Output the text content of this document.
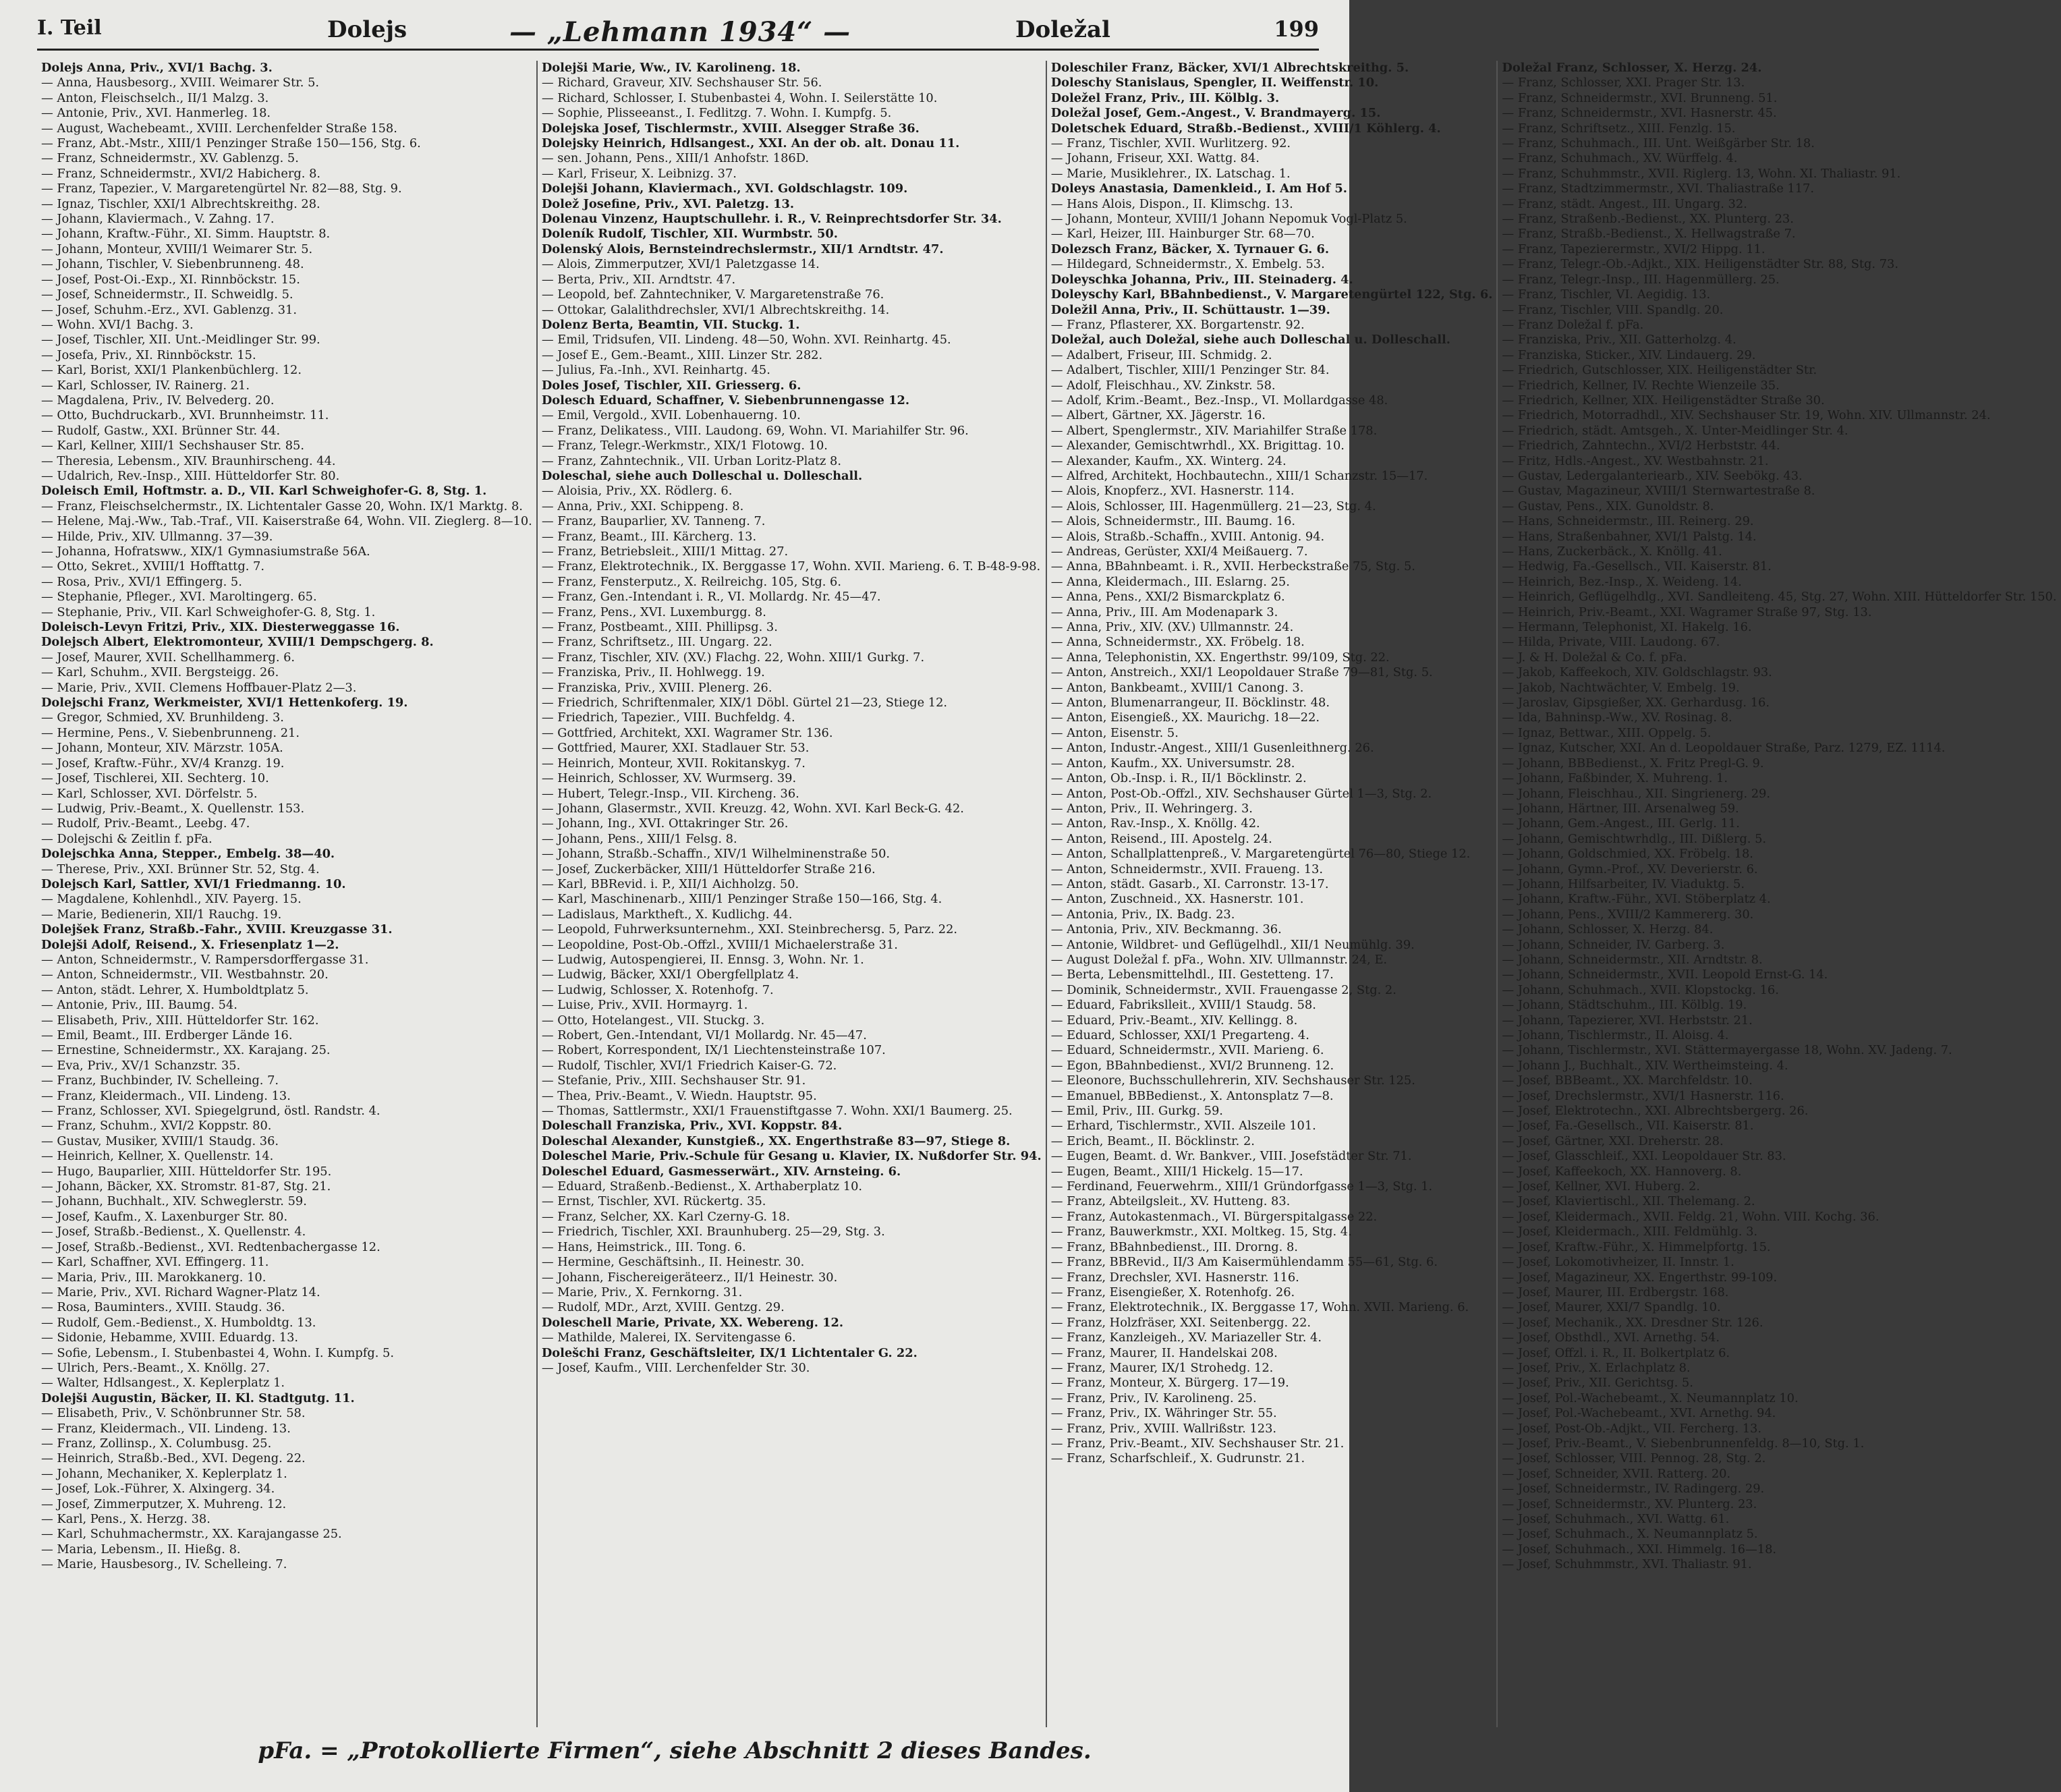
I. Teil	Dolejs	— „Lehmann 1934“ —	Doležal	199
Dolejs Anna, Priv., XVI/1 Bachg. 3.
— Anna, Hausbesorg., XVIII. Weimarer Str. 5.
— Anton, Fleischselch., II/1 Malzg. 3.
— Antonie, Priv., XVI. Hanmerleg. 18.
— August, Wachebeamt., XVIII. Lerchenfelder Straße 158.
— Franz, Abt.-Mstr., XIII/1 Penzinger Straße 150—156, Stg. 6.
— Franz, Schneidermstr., XV. Gablenzg. 5.
— Franz, Schneidermstr., XVI/2 Habicherg. 8.
— Franz, Tapezier., V. Margaretengürtel Nr. 82—88, Stg. 9.
— Ignaz, Tischler, XXI/1 Albrechtskreithg. 28.
— Johann, Klaviermach., V. Zahng. 17.
— Johann, Kraftw.-Führ., XI. Simm. Hauptstr. 8.
— Johann, Monteur, XVIII/1 Weimarer Str. 5.
— Johann, Tischler, V. Siebenbrunneng. 48.
— Josef, Post-Oi.-Exp., XI. Rinnböckstr. 15.
— Josef, Schneidermstr., II. Schweidlg. 5.
— Josef, Schuhm.-Erz., XVI. Gablenzg. 31.
— Wohn. XVI/1 Bachg. 3.
— Josef, Tischler, XII. Unt.-Meidlinger Str. 99.
— Josefa, Priv., XI. Rinnböckstr. 15.
— Karl, Borist, XXI/1 Plankenbüchlerg. 12.
— Karl, Schlosser, IV. Rainerg. 21.
— Magdalena, Priv., IV. Belvederg. 20.
— Otto, Buchdruckarb., XVI. Brunnheimstr. 11.
— Rudolf, Gastw., XXI. Brünner Str. 44.
— Karl, Kellner, XIII/1 Sechshauser Str. 85.
— Theresia, Lebensm., XIV. Braunhirscheng. 44.
— Udalrich, Rev.-Insp., XIII. Hütteldorfer Str. 80.
Doleisch Emil, Hoftmstr. a. D., VII. Karl Schweighofer-G. 8, Stg. 1.
— Franz, Fleischselchermstr., IX. Lichtentaler Gasse 20, Wohn. IX/1 Marktg. 8.
— Helene, Maj.-Ww., Tab.-Traf., VII. Kaiserstraße 64, Wohn. VII. Zieglerg. 8—10.
— Hilde, Priv., XIV. Ullmanng. 37—39.
— Johanna, Hofratsww., XIX/1 Gymnasiumstraße 56A.
— Otto, Sekret., XVIII/1 Hofftattg. 7.
— Rosa, Priv., XVI/1 Effingerg. 5.
— Stephanie, Pfleger., XVI. Maroltingerg. 65.
— Stephanie, Priv., VII. Karl Schweighofer-G. 8, Stg. 1.
Doleisch-Levyn Fritzi, Priv., XIX. Diesterweggasse 16.
Dolejsch Albert, Elektromonteur, XVIII/1 Dempschgerg. 8.
— Josef, Maurer, XVII. Schellhammerg. 6.
— Karl, Schuhm., XVII. Bergsteigg. 26.
— Marie, Priv., XVII. Clemens Hoffbauer-Platz 2—3.
Dolejschi Franz, Werkmeister, XVI/1 Hettenkoferg. 19.
— Gregor, Schmied, XV. Brunhildeng. 3.
— Hermine, Pens., V. Siebenbrunneng. 21.
— Johann, Monteur, XIV. Märzstr. 105A.
— Josef, Kraftw.-Führ., XV/4 Kranzg. 19.
— Josef, Tischlerei, XII. Sechterg. 10.
— Karl, Schlosser, XVI. Dörfelstr. 5.
— Ludwig, Priv.-Beamt., X. Quellenstr. 153.
— Rudolf, Priv.-Beamt., Leebg. 47.
— Dolejschi & Zeitlin f. pFa.
Dolejschka Anna, Stepper., Embelg. 38—40.
— Therese, Priv., XXI. Brünner Str. 52, Stg. 4.
Dolejsch Karl, Sattler, XVI/1 Friedmanng. 10.
— Magdalene, Kohlenhdl., XIV. Payerg. 15.
— Marie, Bedienerin, XII/1 Rauchg. 19.
Dolejšek Franz, Straßb.-Fahr., XVIII. Kreuzgasse 31.
Dolejši Adolf, Reisend., X. Friesenplatz 1—2.
— Anton, Schneidermstr., V. Rampersdorffergasse 31.
— Anton, Schneidermstr., VII. Westbahnstr. 20.
— Anton, städt. Lehrer, X. Humboldtplatz 5.
— Antonie, Priv., III. Baumg. 54.
— Elisabeth, Priv., XIII. Hütteldorfer Str. 162.
— Emil, Beamt., III. Erdberger Lände 16.
— Ernestine, Schneidermstr., XX. Karajang. 25.
— Eva, Priv., XV/1 Schanzstr. 35.
— Franz, Buchbinder, IV. Schelleing. 7.
— Franz, Kleidermach., VII. Lindeng. 13.
— Franz, Schlosser, XVI. Spiegelgrund, östl. Randstr. 4.
— Franz, Schuhm., XVI/2 Koppstr. 80.
— Gustav, Musiker, XVIII/1 Staudg. 36.
— Heinrich, Kellner, X. Quellenstr. 14.
— Hugo, Bauparlier, XIII. Hütteldorfer Str. 195.
— Johann, Bäcker, XX. Stromstr. 81-87, Stg. 21.
— Johann, Buchhalt., XIV. Schweglerstr. 59.
— Josef, Kaufm., X. Laxenburger Str. 80.
— Josef, Straßb.-Bedienst., X. Quellenstr. 4.
— Josef, Straßb.-Bedienst., XVI. Redtenbachergasse 12.
— Karl, Schaffner, XVI. Effingerg. 11.
— Maria, Priv., III. Marokkanerg. 10.
— Marie, Priv., XVI. Richard Wagner-Platz 14.
— Rosa, Bauminters., XVIII. Staudg. 36.
— Rudolf, Gem.-Bedienst., X. Humboldtg. 13.
— Sidonie, Hebamme, XVIII. Eduardg. 13.
— Sofie, Lebensm., I. Stubenbastei 4, Wohn. I. Kumpfg. 5.
— Ulrich, Pers.-Beamt., X. Knöllg. 27.
— Walter, Hdlsangest., X. Keplerplatz 1.
Dolejši Augustin, Bäcker, II. Kl. Stadtgutg. 11.
— Elisabeth, Priv., V. Schönbrunner Str. 58.
— Franz, Kleidermach., VII. Lindeng. 13.
— Franz, Zollinsp., X. Columbusg. 25.
— Heinrich, Straßb.-Bed., XVI. Degeng. 22.
— Johann, Mechaniker, X. Keplerplatz 1.
— Josef, Lok.-Führer, X. Alxingerg. 34.
— Josef, Zimmerputzer, X. Muhreng. 12.
— Karl, Pens., X. Herzg. 38.
— Karl, Schuhmachermstr., XX. Karajangasse 25.
— Maria, Lebensm., II. Hießg. 8.
— Marie, Hausbesorg., IV. Schelleing. 7.
Dolejši Marie, Ww., IV. Karolineng. 18.
— Richard, Graveur, XIV. Sechshauser Str. 56.
— Richard, Schlosser, I. Stubenbastei 4, Wohn. I. Seilerstätte 10.
— Sophie, Plisseeanst., I. Fedlitzg. 7. Wohn. I. Kumpfg. 5.
Dolejska Josef, Tischlermstr., XVIII. Alsegger Straße 36.
Dolejsky Heinrich, Hdlsangest., XXI. An der ob. alt. Donau 11.
— sen. Johann, Pens., XIII/1 Anhofstr. 186D.
— Karl, Friseur, X. Leibnizg. 37.
Dolejši Johann, Klaviermach., XVI. Goldschlagstr. 109.
Dolež Josefine, Priv., XVI. Paletzg. 13.
Dolenau Vinzenz, Hauptschullehr. i. R., V. Reinprechtsdorfer Str. 34.
Doleník Rudolf, Tischler, XII. Wurmbstr. 50.
Dolenský Alois, Bernsteindrechslermstr., XII/1 Arndtstr. 47.
— Alois, Zimmerputzer, XVI/1 Paletzgasse 14.
— Berta, Priv., XII. Arndtstr. 47.
— Leopold, bef. Zahntechniker, V. Margaretenstraße 76.
— Ottokar, Galalithdrechsler, XVI/1 Albrechtskreithg. 14.
Dolenz Berta, Beamtin, VII. Stuckg. 1.
— Emil, Tridsufen, VII. Lindeng. 48—50, Wohn. XVI. Reinhartg. 45.
— Josef E., Gem.-Beamt., XIII. Linzer Str. 282.
— Julius, Fa.-Inh., XVI. Reinhartg. 45.
Doles Josef, Tischler, XII. Griesserg. 6.
Dolesch Eduard, Schaffner, V. Siebenbrunnengasse 12.
— Emil, Vergold., XVII. Lobenhauerng. 10.
— Franz, Delikatess., VIII. Laudong. 69, Wohn. VI. Mariahilfer Str. 96.
— Franz, Telegr.-Werkmstr., XIX/1 Flotowg. 10.
— Franz, Zahntechnik., VII. Urban Loritz-Platz 8.
Doleschal, siehe auch Dolleschal u. Dolleschall.
— Aloisia, Priv., XX. Rödlerg. 6.
— Anna, Priv., XXI. Schippeng. 8.
— Franz, Bauparlier, XV. Tanneng. 7.
— Franz, Beamt., III. Kärcherg. 13.
— Franz, Betriebsleit., XIII/1 Mittag. 27.
— Franz, Elektrotechnik., IX. Berggasse 17, Wohn. XVII. Marieng. 6. T. B-48-9-98.
— Franz, Fensterputz., X. Reilreichg. 105, Stg. 6.
— Franz, Gen.-Intendant i. R., VI. Mollardg. Nr. 45—47.
— Franz, Pens., XVI. Luxemburgg. 8.
— Franz, Postbeamt., XIII. Phillipsg. 3.
— Franz, Schriftsetz., III. Ungarg. 22.
— Franz, Tischler, XIV. (XV.) Flachg. 22, Wohn. XIII/1 Gurkg. 7.
— Franziska, Priv., II. Hohlwegg. 19.
— Franziska, Priv., XVIII. Plenerg. 26.
— Friedrich, Schriftenmaler, XIX/1 Döbl. Gürtel 21—23, Stiege 12.
— Friedrich, Tapezier., VIII. Buchfeldg. 4.
— Gottfried, Architekt, XXI. Wagramer Str. 136.
— Gottfried, Maurer, XXI. Stadlauer Str. 53.
— Heinrich, Monteur, XVII. Rokitanskyg. 7.
— Heinrich, Schlosser, XV. Wurmserg. 39.
— Hubert, Telegr.-Insp., VII. Kircheng. 36.
— Johann, Glasermstr., XVII. Kreuzg. 42, Wohn. XVI. Karl Beck-G. 42.
— Johann, Ing., XVI. Ottakringer Str. 26.
— Johann, Pens., XIII/1 Felsg. 8.
— Johann, Straßb.-Schaffn., XIV/1 Wilhelminenstraße 50.
— Josef, Zuckerbäcker, XIII/1 Hütteldorfer Straße 216.
— Karl, BBRevid. i. P., XII/1 Aichholzg. 50.
— Karl, Maschinenarb., XIII/1 Penzinger Straße 150—166, Stg. 4.
— Ladislaus, Marktheft., X. Kudlichg. 44.
— Leopold, Fuhrwerksunternehm., XXI. Steinbrechersg. 5, Parz. 22.
— Leopoldine, Post-Ob.-Offzl., XVIII/1 Michaelerstraße 31.
— Ludwig, Autospengierei, II. Ennsg. 3, Wohn. Nr. 1.
— Ludwig, Bäcker, XXI/1 Obergfellplatz 4.
— Ludwig, Schlosser, X. Rotenhofg. 7.
— Luise, Priv., XVII. Hormayrg. 1.
— Otto, Hotelangest., VII. Stuckg. 3.
— Robert, Gen.-Intendant, VI/1 Mollardg. Nr. 45—47.
— Robert, Korrespondent, IX/1 Liechtensteinstraße 107.
— Rudolf, Tischler, XVI/1 Friedrich Kaiser-G. 72.
— Stefanie, Priv., XIII. Sechshauser Str. 91.
— Thea, Priv.-Beamt., V. Wiedn. Hauptstr. 95.
— Thomas, Sattlermstr., XXI/1 Frauenstiftgasse 7. Wohn. XXI/1 Baumerg. 25.
Doleschall Franziska, Priv., XVI. Koppstr. 84.
Doleschal Alexander, Kunstgieß., XX. Engerthstraße 83—97, Stiege 8.
Doleschel Marie, Priv.-Schule für Gesang u. Klavier, IX. Nußdorfer Str. 94.
Doleschel Eduard, Gasmesserwärt., XIV. Arnsteing. 6.
— Eduard, Straßenb.-Bedienst., X. Arthaberplatz 10.
— Ernst, Tischler, XVI. Rückertg. 35.
— Franz, Selcher, XX. Karl Czerny-G. 18.
— Friedrich, Tischler, XXI. Braunhuberg. 25—29, Stg. 3.
— Hans, Heimstrick., III. Tong. 6.
— Hermine, Geschäftsinh., II. Heinestr. 30.
— Johann, Fischereigeräteerz., II/1 Heinestr. 30.
— Marie, Priv., X. Fernkorng. 31.
— Rudolf, MDr., Arzt, XVIII. Gentzg. 29.
Doleschell Marie, Private, XX. Webereng. 12.
— Mathilde, Malerei, IX. Servitengasse 6.
Dolešchi Franz, Geschäftsleiter, IX/1 Lichtentaler G. 22.
— Josef, Kaufm., VIII. Lerchenfelder Str. 30.
Doleschiler Franz, Bäcker, XVI/1 Albrechtskreithg. 5.
Doleschy Stanislaus, Spengler, II. Weiffenstr. 10.
Doležel Franz, Priv., III. Kölblg. 3.
Doležal Josef, Gem.-Angest., V. Brandmayerg. 15.
Doletschek Eduard, Straßb.-Bedienst., XVIII/1 Köhlerg. 4.
— Franz, Tischler, XVII. Wurlitzerg. 92.
— Johann, Friseur, XXI. Wattg. 84.
— Marie, Musiklehrer., IX. Latschag. 1.
Doleys Anastasia, Damenkleid., I. Am Hof 5.
— Hans Alois, Dispon., II. Klimschg. 13.
— Johann, Monteur, XVIII/1 Johann Nepomuk Vogl-Platz 5.
— Karl, Heizer, III. Hainburger Str. 68—70.
Dolezsch Franz, Bäcker, X. Tyrnauer G. 6.
— Hildegard, Schneidermstr., X. Embelg. 53.
Doleyschka Johanna, Priv., III. Steinaderg. 4.
Doleyschy Karl, BBahnbedienst., V. Margaretengürtel 122, Stg. 6.
Doležil Anna, Priv., II. Schüttaustr. 1—39.
— Franz, Pflasterer, XX. Borgartenstr. 92.
Doležal, auch Doležal, siehe auch Dolleschal u. Dolleschall.
— Adalbert, Friseur, III. Schmidg. 2.
— Adalbert, Tischler, XIII/1 Penzinger Str. 84.
— Adolf, Fleischhau., XV. Zinkstr. 58.
— Adolf, Krim.-Beamt., Bez.-Insp., VI. Mollardgasse 48.
— Albert, Gärtner, XX. Jägerstr. 16.
— Albert, Spenglermstr., XIV. Mariahilfer Straße 178.
— Alexander, Gemischtwrhdl., XX. Brigittag. 10.
— Alexander, Kaufm., XX. Winterg. 24.
— Alfred, Architekt, Hochbautechn., XIII/1 Schanzstr. 15—17.
— Alois, Knopferz., XVI. Hasnerstr. 114.
— Alois, Schlosser, III. Hagenmüllerg. 21—23, Stg. 4.
— Alois, Schneidermstr., III. Baumg. 16.
— Alois, Straßb.-Schaffn., XVIII. Antonig. 94.
— Andreas, Gerüster, XXI/4 Meißauerg. 7.
— Anna, BBahnbeamt. i. R., XVII. Herbeckstraße 75, Stg. 5.
— Anna, Kleidermach., III. Eslarng. 25.
— Anna, Pens., XXI/2 Bismarckplatz 6.
— Anna, Priv., III. Am Modenapark 3.
— Anna, Priv., XIV. (XV.) Ullmannstr. 24.
— Anna, Schneidermstr., XX. Fröbelg. 18.
— Anna, Telephonistin, XX. Engerthstr. 99/109, Stg. 22.
— Anton, Anstreich., XXI/1 Leopoldauer Straße 79—81, Stg. 5.
— Anton, Bankbeamt., XVIII/1 Canong. 3.
— Anton, Blumenarrangeur, II. Böcklinstr. 48.
— Anton, Eisengieß., XX. Maurichg. 18—22.
— Anton, Eisenstr. 5.
— Anton, Industr.-Angest., XIII/1 Gusenleithnerg. 26.
— Anton, Kaufm., XX. Universumstr. 28.
— Anton, Ob.-Insp. i. R., II/1 Böcklinstr. 2.
— Anton, Post-Ob.-Offzl., XIV. Sechshauser Gürtel 1—3, Stg. 2.
— Anton, Priv., II. Wehringerg. 3.
— Anton, Rav.-Insp., X. Knöllg. 42.
— Anton, Reisend., III. Apostelg. 24.
— Anton, Schallplattenpreß., V. Margaretengürtel 76—80, Stiege 12.
— Anton, Schneidermstr., XVII. Fraueng. 13.
— Anton, städt. Gasarb., XI. Carronstr. 13-17.
— Anton, Zuschneid., XX. Hasnerstr. 101.
— Antonia, Priv., IX. Badg. 23.
— Antonia, Priv., XIV. Beckmanng. 36.
— Antonie, Wildbret- und Geflügelhdl., XII/1 Neumühlg. 39.
— August Doležal f. pFa., Wohn. XIV. Ullmannstr. 24, E.
— Berta, Lebensmittelhdl., III. Gestetteng. 17.
— Dominik, Schneidermstr., XVII. Frauengasse 2, Stg. 2.
— Eduard, Fabrikslleit., XVIII/1 Staudg. 58.
— Eduard, Priv.-Beamt., XIV. Kellingg. 8.
— Eduard, Schlosser, XXI/1 Pregarteng. 4.
— Eduard, Schneidermstr., XVII. Marieng. 6.
— Egon, BBahnbedienst., XVI/2 Brunneng. 12.
— Eleonore, Buchsschullehrerin, XIV. Sechshauser Str. 125.
— Emanuel, BBBedienst., X. Antonsplatz 7—8.
— Emil, Priv., III. Gurkg. 59.
— Erhard, Tischlermstr., XVII. Alszeile 101.
— Erich, Beamt., II. Böcklinstr. 2.
— Eugen, Beamt. d. Wr. Bankver., VIII. Josefstädter Str. 71.
— Eugen, Beamt., XIII/1 Hickelg. 15—17.
— Ferdinand, Feuerwehrm., XIII/1 Gründorfgasse 1—3, Stg. 1.
— Franz, Abteilgsleit., XV. Hutteng. 83.
— Franz, Autokastenmach., VI. Bürgerspitalgasse 22.
— Franz, Bauwerkmstr., XXI. Moltkeg. 15, Stg. 4.
— Franz, BBahnbedienst., III. Drorng. 8.
— Franz, BBRevid., II/3 Am Kaisermühlendamm 55—61, Stg. 6.
— Franz, Drechsler, XVI. Hasnerstr. 116.
— Franz, Eisengießer, X. Rotenhofg. 26.
— Franz, Elektrotechnik., IX. Berggasse 17, Wohn. XVII. Marieng. 6.
— Franz, Holzfräser, XXI. Seitenbergg. 22.
— Franz, Kanzleigeh., XV. Mariazeller Str. 4.
— Franz, Maurer, II. Handelskai 208.
— Franz, Maurer, IX/1 Strohedg. 12.
— Franz, Monteur, X. Bürgerg. 17—19.
— Franz, Priv., IV. Karolineng. 25.
— Franz, Priv., IX. Währinger Str. 55.
— Franz, Priv., XVIII. Wallrißstr. 123.
— Franz, Priv.-Beamt., XIV. Sechshauser Str. 21.
— Franz, Scharfschleif., X. Gudrunstr. 21.
Doležal Franz, Schlosser, X. Herzg. 24.
— Franz, Schlosser, XXI. Prager Str. 13.
— Franz, Schneidermstr., XVI. Brunneng. 51.
— Franz, Schneidermstr., XVI. Hasnerstr. 45.
— Franz, Schriftsetz., XIII. Fenzlg. 15.
— Franz, Schuhmach., III. Unt. Weißgärber Str. 18.
— Franz, Schuhmach., XV. Würffelg. 4.
— Franz, Schuhmmstr., XVII. Riglerg. 13, Wohn. XI. Thaliastr. 91.
— Franz, Stadtzimmermstr., XVI. Thaliastraße 117.
— Franz, städt. Angest., III. Ungarg. 32.
— Franz, Straßenb.-Bedienst., XX. Plunterg. 23.
— Franz, Straßb.-Bedienst., X. Hellwagstraße 7.
— Franz, Tapezierermstr., XVI/2 Hippg. 11.
— Franz, Telegr.-Ob.-Adjkt., XIX. Heiligenstädter Str. 88, Stg. 73.
— Franz, Telegr.-Insp., III. Hagenmüllerg. 25.
— Franz, Tischler, VI. Aegidig. 13.
— Franz, Tischler, VIII. Spandlg. 20.
— Franz Doležal f. pFa.
— Franziska, Priv., XII. Gatterholzg. 4.
— Franziska, Sticker., XIV. Lindauerg. 29.
— Friedrich, Gutschlosser, XIX. Heiligenstädter Str.
— Friedrich, Kellner, IV. Rechte Wienzeile 35.
— Friedrich, Kellner, XIX. Heiligenstädter Straße 30.
— Friedrich, Motorradhdl., XIV. Sechshauser Str. 19, Wohn. XIV. Ullmannstr. 24.
— Friedrich, städt. Amtsgeh., X. Unter-Meidlinger Str. 4.
— Friedrich, Zahntechn., XVI/2 Herbststr. 44.
— Fritz, Hdls.-Angest., XV. Westbahnstr. 21.
— Gustav, Ledergalanteriearb., XIV. Seebökg. 43.
— Gustav, Magazineur, XVIII/1 Sternwartestraße 8.
— Gustav, Pens., XIX. Gunoldstr. 8.
— Hans, Schneidermstr., III. Reinerg. 29.
— Hans, Straßenbahner, XVI/1 Palstg. 14.
— Hans, Zuckerbäck., X. Knöllg. 41.
— Hedwig, Fa.-Gesellsch., VII. Kaiserstr. 81.
— Heinrich, Bez.-Insp., X. Weideng. 14.
— Heinrich, Geflügelhdlg., XVI. Sandleiteng. 45, Stg. 27, Wohn. XIII. Hütteldorfer Str. 150.
— Heinrich, Priv.-Beamt., XXI. Wagramer Straße 97, Stg. 13.
— Hermann, Telephonist, XI. Hakelg. 16.
— Hilda, Private, VIII. Laudong. 67.
— J. & H. Doležal & Co. f. pFa.
— Jakob, Kaffeekoch, XIV. Goldschlagstr. 93.
— Jakob, Nachtwächter, V. Embelg. 19.
— Jaroslav, Gipsgießer, XX. Gerhardusg. 16.
— Ida, Bahninsp.-Ww., XV. Rosinag. 8.
— Ignaz, Bettwar., XIII. Oppelg. 5.
— Ignaz, Kutscher, XXI. An d. Leopoldauer Straße, Parz. 1279, EZ. 1114.
— Johann, BBBedienst., X. Fritz Pregl-G. 9.
— Johann, Faßbinder, X. Muhreng. 1.
— Johann, Fleischhau., XII. Singrienerg. 29.
— Johann, Härtner, III. Arsenalweg 59.
— Johann, Gem.-Angest., III. Gerlg. 11.
— Johann, Gemischtwrhdlg., III. Dißlerg. 5.
— Johann, Goldschmied, XX. Fröbelg. 18.
— Johann, Gymn.-Prof., XV. Deverierstr. 6.
— Johann, Hilfsarbeiter, IV. Viaduktg. 5.
— Johann, Kraftw.-Führ., XVI. Stöberplatz 4.
— Johann, Pens., XVIII/2 Kammererg. 30.
— Johann, Schlosser, X. Herzg. 84.
— Johann, Schneider, IV. Garberg. 3.
— Johann, Schneidermstr., XII. Arndtstr. 8.
— Johann, Schneidermstr., XVII. Leopold Ernst-G. 14.
— Johann, Schuhmach., XVII. Klopstockg. 16.
— Johann, Städtschuhm., III. Kölblg. 19.
— Johann, Tapezierer, XVI. Herbststr. 21.
— Johann, Tischlermstr., II. Aloisg. 4.
— Johann, Tischlermstr., XVI. Stättermayergasse 18, Wohn. XV. Jadeng. 7.
— Johann J., Buchhalt., XIV. Wertheimsteing. 4.
— Josef, BBBeamt., XX. Marchfeldstr. 10.
— Josef, Drechslermstr., XVI/1 Hasnerstr. 116.
— Josef, Elektrotechn., XXI. Albrechtsbergerg. 26.
— Josef, Fa.-Gesellsch., VII. Kaiserstr. 81.
— Josef, Gärtner, XXI. Dreherstr. 28.
— Josef, Glasschleif., XXI. Leopoldauer Str. 83.
— Josef, Kaffeekoch, XX. Hannoverg. 8.
— Josef, Kellner, XVI. Huberg. 2.
— Josef, Klaviertischl., XII. Thelemang. 2.
— Josef, Kleidermach., XVII. Feldg. 21, Wohn. VIII. Kochg. 36.
— Josef, Kleidermach., XIII. Feldmühlg. 3.
— Josef, Kraftw.-Führ., X. Himmelpfortg. 15.
— Josef, Lokomotivheizer, II. Innstr. 1.
— Josef, Magazineur, XX. Engerthstr. 99-109.
— Josef, Maurer, III. Erdbergstr. 168.
— Josef, Maurer, XXI/7 Spandlg. 10.
— Josef, Mechanik., XX. Dresdner Str. 126.
— Josef, Obsthdl., XVI. Arnethg. 54.
— Josef, Offzl. i. R., II. Bolkertplatz 6.
— Josef, Priv., X. Erlachplatz 8.
— Josef, Priv., XII. Gerichtsg. 5.
— Josef, Pol.-Wachebeamt., X. Neumannplatz 10.
— Josef, Pol.-Wachebeamt., XVI. Arnethg. 94.
— Josef, Post-Ob.-Adjkt., VII. Fercherg. 13.
— Josef, Priv.-Beamt., V. Siebenbrunnenfeldg. 8—10, Stg. 1.
— Josef, Schlosser, VIII. Pennog. 28, Stg. 2.
— Josef, Schneider, XVII. Ratterg. 20.
— Josef, Schneidermstr., IV. Radingerg. 29.
— Josef, Schneidermstr., XV. Plunterg. 23.
— Josef, Schuhmach., XVI. Wattg. 61.
— Josef, Schuhmach., X. Neumannplatz 5.
— Josef, Schuhmach., XXI. Himmelg. 16—18.
— Josef, Schuhmmstr., XVI. Thaliastr. 91.
pFa. = „Protokollierte Firmen“, siehe Abschnitt 2 dieses Bandes.
